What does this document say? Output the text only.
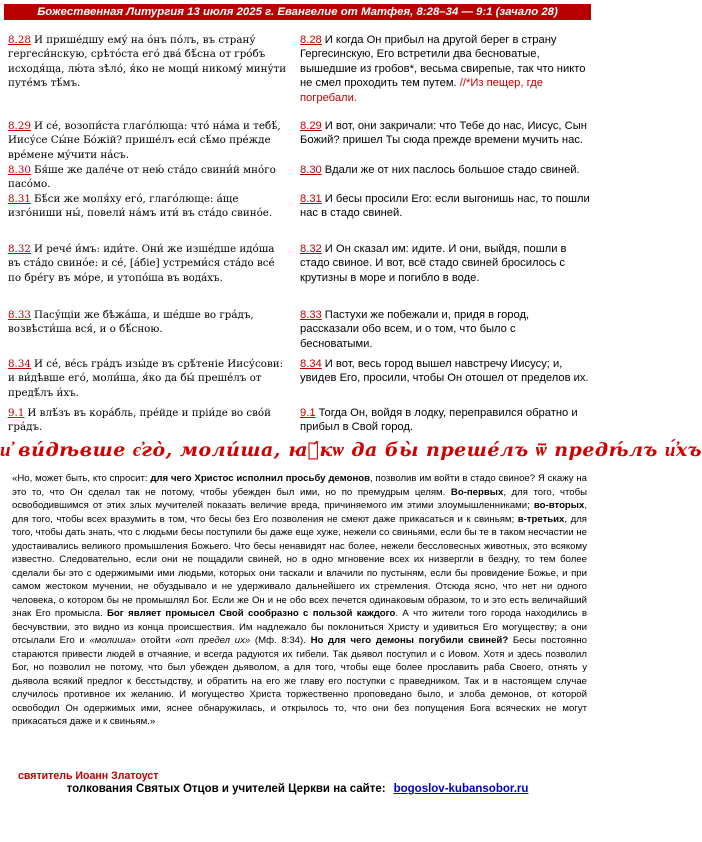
Божественная Литургия 13 июля 2025 г. Евангелие от Матфея, 8:28–34 — 9:1 (зачало 28)
8.28 И прише́дшу ему́ на о́нъ по́лъ, въ страну́ гергеси́нскую, срѣто́ста его́ два́ бѣ́сна от гро́бъ исходя́ща, лю́та зѣло́, я́ко не мощи́ никому́ мину́ти путе́мъ тѣ́мъ.
8.28 И когда Он прибыл на другой берег в страну Гергесинскую, Его встретили два бесноватые, вышедшие из гробов*, весьма свирепые, так что никто не смел проходить тем путем. //*Из пещер, где погребали.
8.29 И се́, возопи́ста глаго́люща: что́ на́ма и тебѣ́, Иису́се Сы́не Бо́жiй? прише́лъ еси́ сѣ́мо пре́жде вре́мене му́чити на́съ.
8.29 И вот, они закричали: что Тебе до нас, Иисус, Сын Божий? пришел Ты сюда прежде времени мучить нас.
8.30 Бя́ше же далéче от нею́ ста́до свини́й мно́го пасо́мо.
8.30 Вдали же от них паслось большое стадо свиней.
8.31 Бѣ́си же моля́ху его́, глаго́люще: а́ще изго́ниши ны́, повели́ на́мъ ити́ въ ста́до свино́е.
8.31 И бесы просили Его: если выгонишь нас, то пошли нас в стадо свиней.
8.32 И рече́ и́мъ: иди́те. Они́ же изше́дше идо́ша въ ста́до свино́е: и се́, [а́бiе] устреми́ся ста́до все́ по бре́гу въ мо́ре, и утопо́ша въ вода́хъ.
8.32 И Он сказал им: идите. И они, выйдя, пошли в стадо свиное. И вот, всё стадо свиней бросилось с крутизны в море и погибло в воде.
8.33 Пасу́щiи же бѣжа́ша, и ше́дше во гра́дъ, возвѣсти́ша вся́, и о бѣ́сною.
8.33 Пастухи же побежали и, придя в город, рассказали обо всем, и о том, что было с бесноватыми.
8.34 И се́, ве́сь гра́дъ изы́де въ срѣ́тенiе Иису́сови: и ви́дѣвше его́, моли́ша, я́ко да бы́ прешéлъ от предѣ́лъ и́хъ.
8.34 И вот, весь город вышел навстречу Иисусу; и, увидев Его, просили, чтобы Он отошел от пределов их.
9.1 И влѣ́зъ въ кора́бль, пре́йде и прiи́де во сво́й гра́дъ.
9.1 Тогда Он, войдя в лодку, переправился обратно и прибыл в Свой город.
и҆ ви́дѣвше є҆го̀, моли́ша, ꙗ҆́кѡ да бы̀ преше́лъ ѿ предѣ́лъ и҆́хъ
«Но, может быть, кто спросит: для чего Христос исполнил просьбу демонов, позволив им войти в стадо свиное? Я скажу на это то, что Он сделал так не потому, чтобы убежден был ими, но по премудрым целям. Во-первых, для того, чтобы освободившимся от этих злых мучителей показать величие вреда, причиняемого им этими злоумышленниками; во-вторых, для того, чтобы всех вразумить в том, что бесы без Его позволения не смеют даже прикасаться и к свиньям; в-третьих, для того, чтобы дать знать, что с людьми бесы поступили бы даже еще хуже, нежели со свиньями, если бы те в таком несчастии не удостаивались великого промышления Божьего. Что бесы ненавидят нас более, нежели бессловесных животных, это всякому известно. Следовательно, если они не пощадили свиней, но в одно мгновение всех их низвергли в бездну, то тем более сделали бы это с одержимыми ими людьми, которых они таскали и влачили по пустыням, если бы провидение Божье, и при самом жестоком мучении, не обуздывало и не удерживало дальнейшего их стремления. Отсюда ясно, что нет ни одного человека, о котором бы не промышлял Бог. Если же Он и не обо всех печется одинаковым образом, то и это есть величайший знак Его промысла. Бог являет промысел Свой сообразно с пользой каждого. А что жители того города находились в бесчувствии, это видно из конца происшествия. Им надлежало бы поклониться Христу и удивиться Его могуществу; а они отсылали Его и «молиша» отойти «от предел их» (Мф. 8:34). Но для чего демоны погубили свиней? Бесы постоянно стараются привести людей в отчаяние, и всегда радуются их гибели. Так дьявол поступил и с Иовом. Хотя и здесь позволил Бог, но позволил не потому, что был убежден дьяволом, а для того, чтобы еще более прославить раба Своего, отнять у дьявола всякий предлог к бесстыдству, и обратить на его же главу его поступки с праведником. Так и в настоящем случае случилось противное их желанию. И могущество Христа торжественно проповедано было, и злоба демонов, от которой освободил Он одержимых ими, яснее обнаружилась, и открылось то, что они без попущения Бога всяческих не могут прикасаться даже и к свиньям.»
святитель Иоанн Златоуст
толкования Святых Отцов и учителей Церкви на сайте: bogoslov-kubansobor.ru
